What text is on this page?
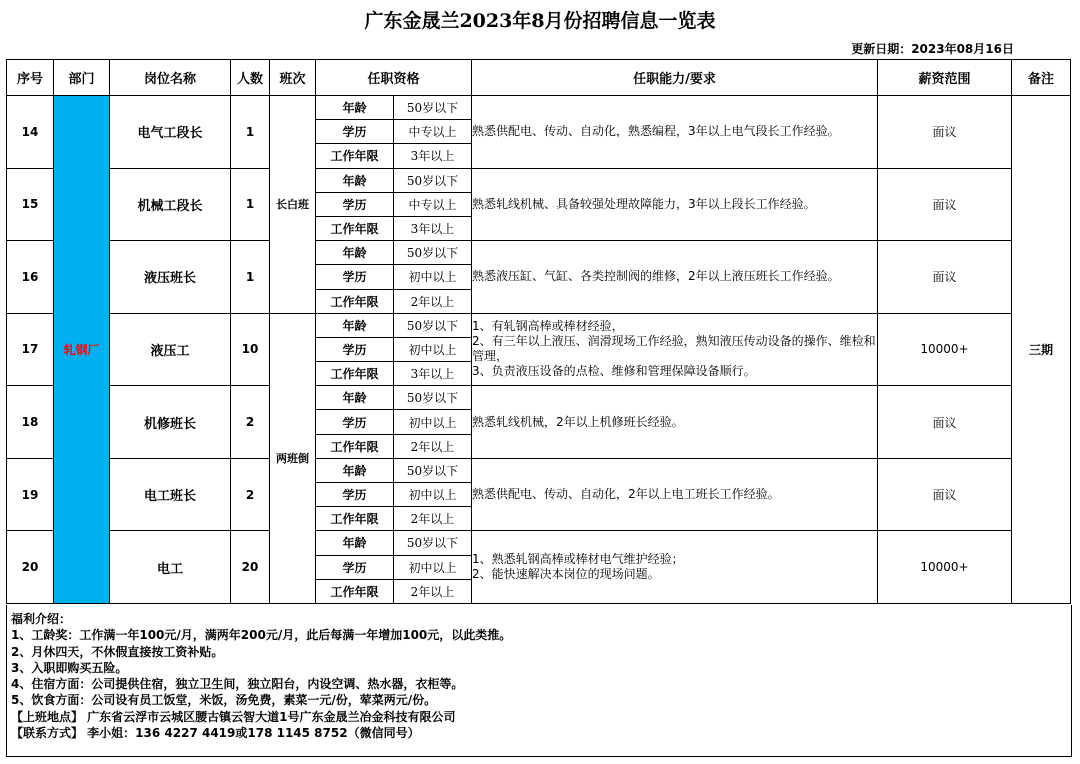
广东金晟兰2023年8月份招聘信息一览表
更新日期：2023年08月16日
序号	部门	岗位名称	人数	班次	任职资格		任职能力/要求	薪资范围	备注
14	轧钢厂	电气工段长	1	长白班	年龄	50岁以下	熟悉供配电、传动、自动化，熟悉编程，3年以上电气段长工作经验。	面议	三期
					学历	中专以上			
					工作年限	3年以上			
15		机械工段长	1		年龄	50岁以下	熟悉轧线机械、具备较强处理故障能力，3年以上段长工作经验。	面议	
					学历	中专以上			
					工作年限	3年以上			
16		液压班长	1		年龄	50岁以下	熟悉液压缸、气缸、各类控制阀的维修，2年以上液压班长工作经验。	面议	
					学历	初中以上			
					工作年限	2年以上			
17		液压工	10	两班倒	年龄	50岁以下	1、有轧钢高棒或棒材经验，
2、有三年以上液压、润滑现场工作经验，熟知液压传动设备的操作、维检和管理，
3、负责液压设备的点检、维修和管理保障设备顺行。	10000+	
					学历	初中以上			
					工作年限	3年以上			
18		机修班长	2		年龄	50岁以下	熟悉轧线机械，2年以上机修班长经验。	面议	
					学历	初中以上			
					工作年限	2年以上			
19		电工班长	2		年龄	50岁以下	熟悉供配电、传动、自动化，2年以上电工班长工作经验。	面议	
					学历	初中以上			
					工作年限	2年以上			
20		电工	20		年龄	50岁以下	1、熟悉轧钢高棒或棒材电气维护经验；
2、能快速解决本岗位的现场问题。	10000+	
					学历	初中以上			
					工作年限	2年以上			
福利介绍：
1、工龄奖：工作满一年100元/月，满两年200元/月，此后每满一年增加100元，以此类推。
2、月休四天，不休假直接按工资补贴。
3、入职即购买五险。
4、住宿方面：公司提供住宿，独立卫生间，独立阳台，内设空调、热水器，衣柜等。
5、饮食方面：公司设有员工饭堂，米饭，汤免费，素菜一元/份，荤菜两元/份。
【上班地点】 广东省云浮市云城区腰古镇云智大道1号广东金晟兰冶金科技有限公司
【联系方式】 李小姐：136 4227 4419或178 1145 8752（微信同号）
